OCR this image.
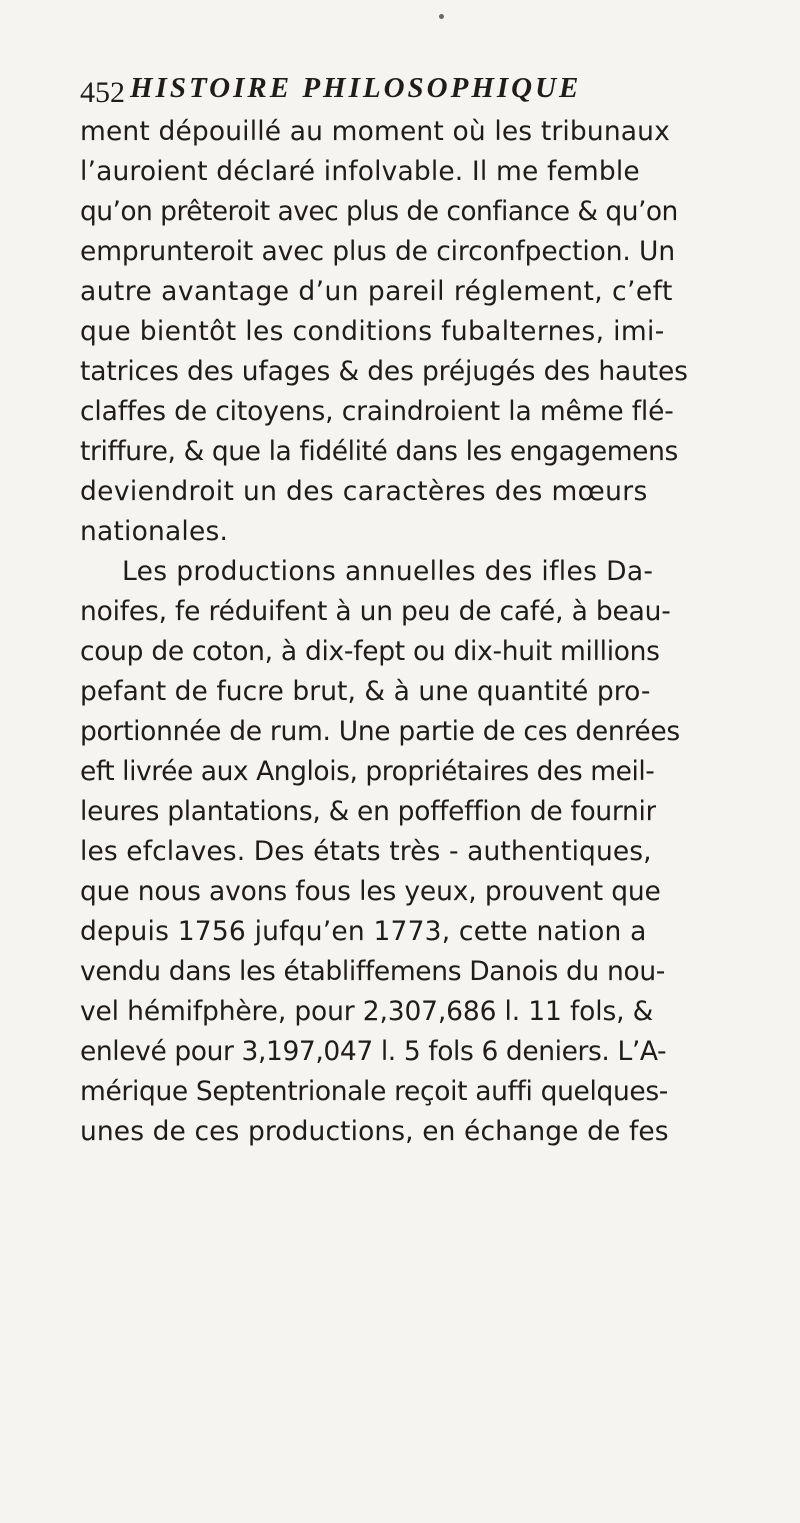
452 HISTOIRE PHILOSOPHIQUE
ment dépouillé au moment où les tribunaux
l’auroient déclaré infolvable. Il me femble
qu’on prêteroit avec plus de confiance & qu’on
emprunteroit avec plus de circonfpection. Un
autre avantage d’un pareil réglement, c’eft
que bientôt les conditions fubalternes, imi-
tatrices des ufages & des préjugés des hautes
claffes de citoyens, craindroient la même flé-
triffure, & que la fidélité dans les engagemens
deviendroit un des caractères des mœurs
nationales.
Les productions annuelles des ifles Da-
noifes, fe réduifent à un peu de café, à beau-
coup de coton, à dix-fept ou dix-huit millions
pefant de fucre brut, & à une quantité pro-
portionnée de rum. Une partie de ces denrées
eft livrée aux Anglois, propriétaires des meil-
leures plantations, & en poffeffion de fournir
les efclaves. Des états très - authentiques,
que nous avons fous les yeux, prouvent que
depuis 1756 jufqu’en 1773, cette nation a
vendu dans les établiffemens Danois du nou-
vel hémifphère, pour 2,307,686 l. 11 fols, &
enlevé pour 3,197,047 l. 5 fols 6 deniers. L’A-
mérique Septentrionale reçoit auffi quelques-
unes de ces productions, en échange de fes
